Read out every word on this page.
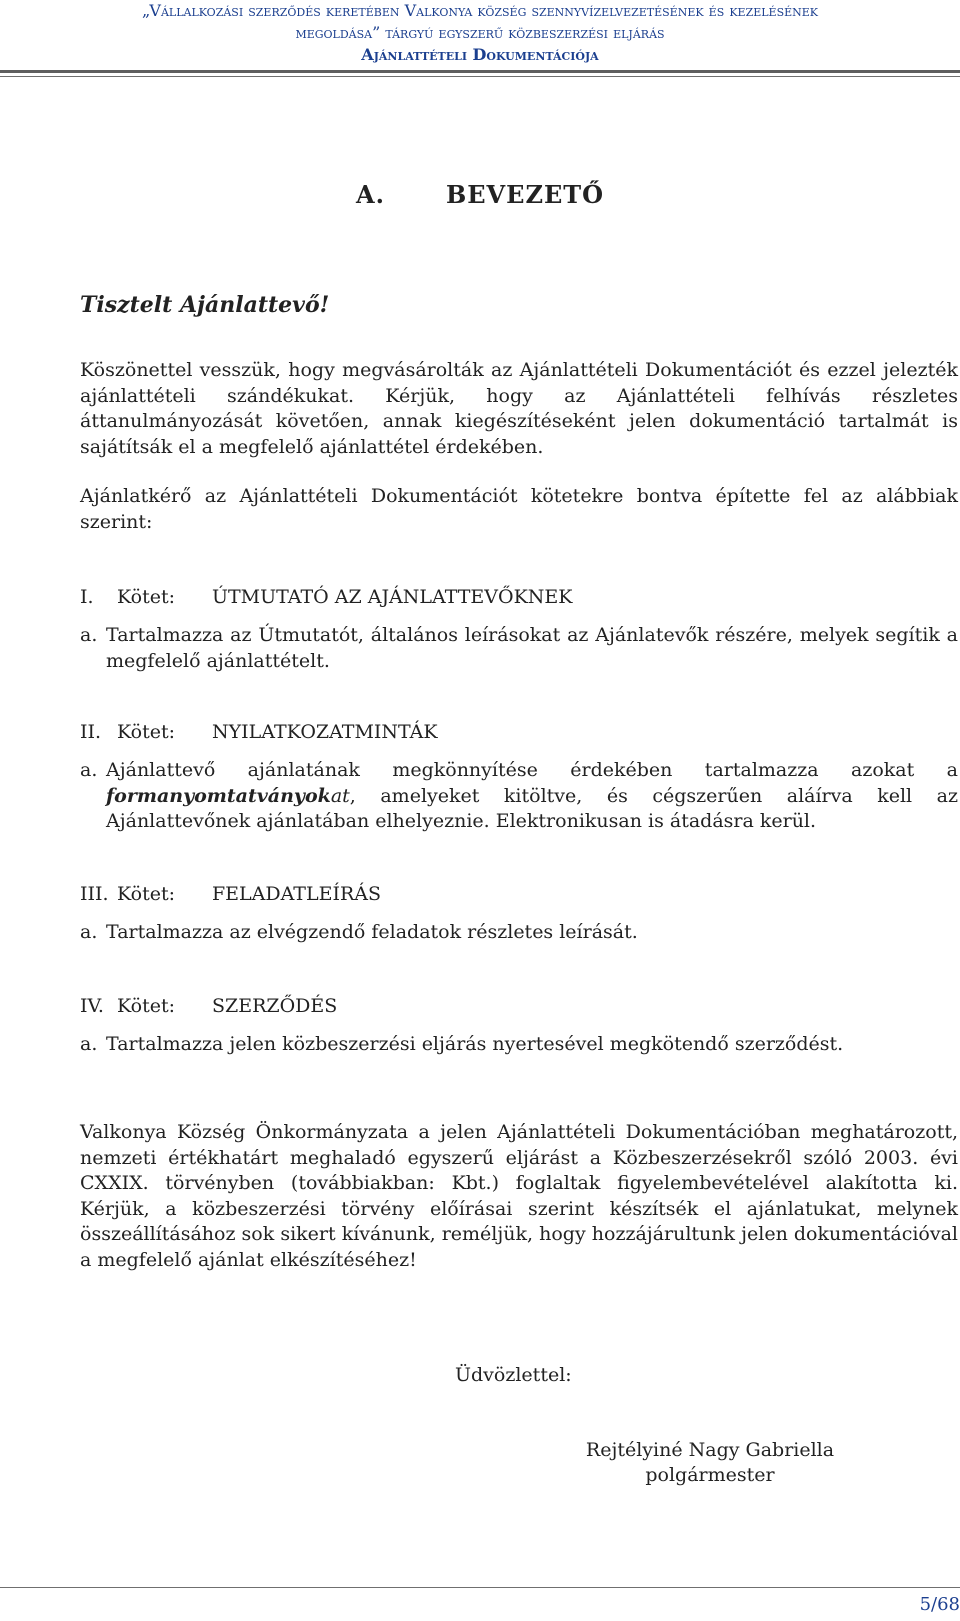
„Vállalkozási szerződés keretében Valkonya község szennyvízelvezetésének és kezelésének
megoldása” tárgyú egyszerű közbeszerzési eljárás
Ajánlattételi Dokumentációja
A.	BEVEZETŐ
Tisztelt Ajánlattevő!
Köszönettel vesszük, hogy megvásárolták az Ajánlattételi Dokumentációt és ezzel jelezték ajánlattételi szándékukat. Kérjük, hogy az Ajánlattételi felhívás részletes áttanulmányozását követően, annak kiegészítéseként jelen dokumentáció tartalmát is sajátítsák el a megfelelő ajánlattétel érdekében.
Ajánlatkérő az Ajánlattételi Dokumentációt kötetekre bontva építette fel az alábbiak szerint:
I. Kötet: ÚTMUTATÓ AZ AJÁNLATTEVŐKNEK
a. Tartalmazza az Útmutatót, általános leírásokat az Ajánlatevők részére, melyek segítik a megfelelő ajánlattételt.
II. Kötet: NYILATKOZATMINTÁK
a. Ajánlattevő ajánlatának megkönnyítése érdekében tartalmazza azokat a formanyomtatványokat, amelyeket kitöltve, és cégszerűen aláírva kell az Ajánlattevőnek ajánlatában elhelyeznie. Elektronikusan is átadásra kerül.
III. Kötet: FELADATLEÍRÁS
a. Tartalmazza az elvégzendő feladatok részletes leírását.
IV. Kötet: SZERZŐDÉS
a. Tartalmazza jelen közbeszerzési eljárás nyertesével megkötendő szerződést.
Valkonya Község Önkormányzata a jelen Ajánlattételi Dokumentációban meghatározott, nemzeti értékhatárt meghaladó egyszerű eljárást a Közbeszerzésekről szóló 2003. évi CXXIX. törvényben (továbbiakban: Kbt.) foglaltak figyelembevételével alakította ki. Kérjük, a közbeszerzési törvény előírásai szerint készítsék el ajánlatukat, melynek összeállításához sok sikert kívánunk, reméljük, hogy hozzájárultunk jelen dokumentációval a megfelelő ajánlat elkészítéséhez!
Üdvözlettel:
Rejtélyiné Nagy Gabriella
polgármester
5/68
